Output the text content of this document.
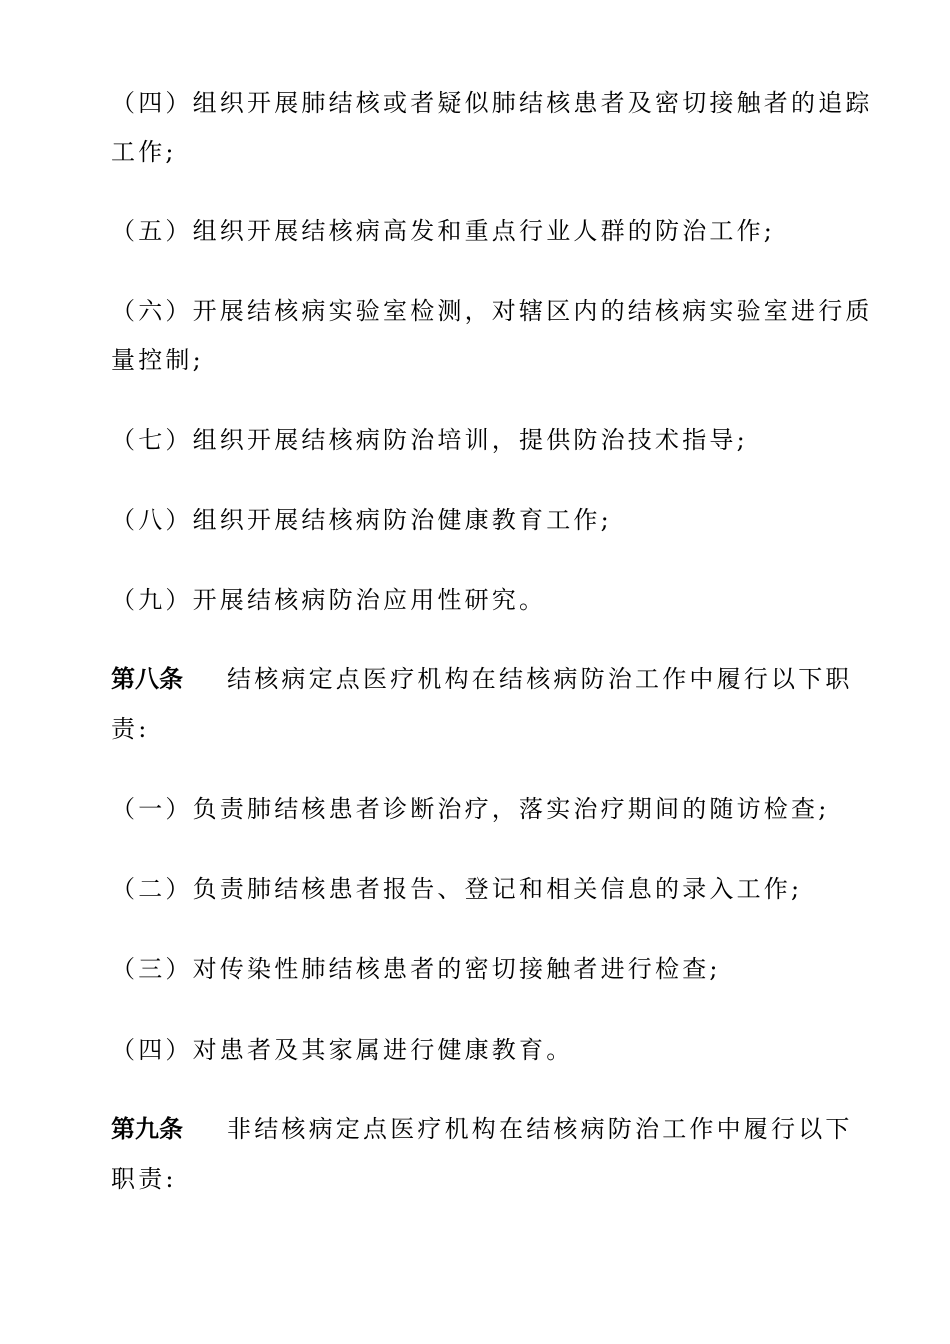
（四）组织开展肺结核或者疑似肺结核患者及密切接触者的追踪
工作;
（五）组织开展结核病高发和重点行业人群的防治工作;
（六）开展结核病实验室检测，对辖区内的结核病实验室进行质
量控制;
（七）组织开展结核病防治培训，提供防治技术指导;
（八）组织开展结核病防治健康教育工作;
（九）开展结核病防治应用性研究。
第八条 结核病定点医疗机构在结核病防治工作中履行以下职
责:
（一）负责肺结核患者诊断治疗，落实治疗期间的随访检查;
（二）负责肺结核患者报告、登记和相关信息的录入工作;
（三）对传染性肺结核患者的密切接触者进行检查;
（四）对患者及其家属进行健康教育。
第九条 非结核病定点医疗机构在结核病防治工作中履行以下
职责:
